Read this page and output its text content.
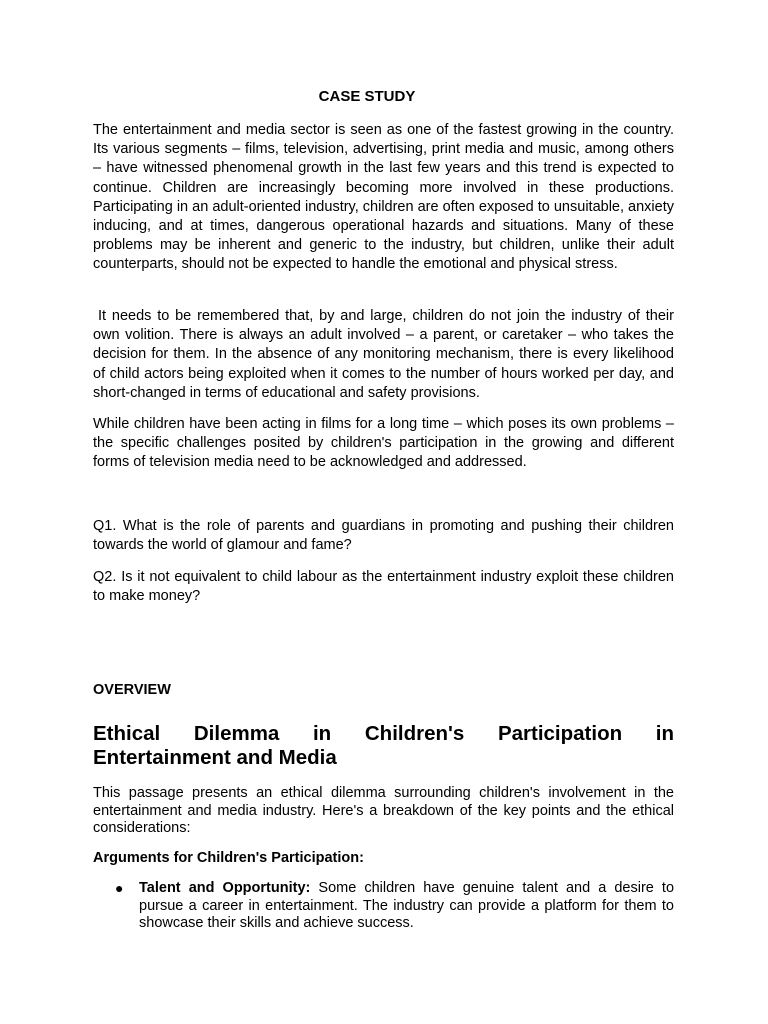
CASE STUDY

The entertainment and media sector is seen as one of the fastest growing in the country. Its various segments – films, television, advertising, print media and music, among others – have witnessed phenomenal growth in the last few years and this trend is expected to continue. Children are increasingly becoming more involved in these productions. Participating in an adult-oriented industry, children are often exposed to unsuitable, anxiety inducing, and at times, dangerous operational hazards and situations. Many of these problems may be inherent and generic to the industry, but children, unlike their adult counterparts, should not be expected to handle the emotional and physical stress.

It needs to be remembered that, by and large, children do not join the industry of their own volition. There is always an adult involved – a parent, or caretaker – who takes the decision for them. In the absence of any monitoring mechanism, there is every likelihood of child actors being exploited when it comes to the number of hours worked per day, and short-changed in terms of educational and safety provisions.

While children have been acting in films for a long time – which poses its own problems – the specific challenges posited by children's participation in the growing and different forms of television media need to be acknowledged and addressed.

Q1. What is the role of parents and guardians in promoting and pushing their children towards the world of glamour and fame?

Q2. Is it not equivalent to child labour as the entertainment industry exploit these children to make money?

OVERVIEW
Ethical Dilemma in Children's Participation in Entertainment and Media

This passage presents an ethical dilemma surrounding children's involvement in the entertainment and media industry. Here's a breakdown of the key points and the ethical considerations:

Arguments for Children's Participation:
● Talent and Opportunity: Some children have genuine talent and a desire to pursue a career in entertainment. The industry can provide a platform for them to showcase their skills and achieve success.
